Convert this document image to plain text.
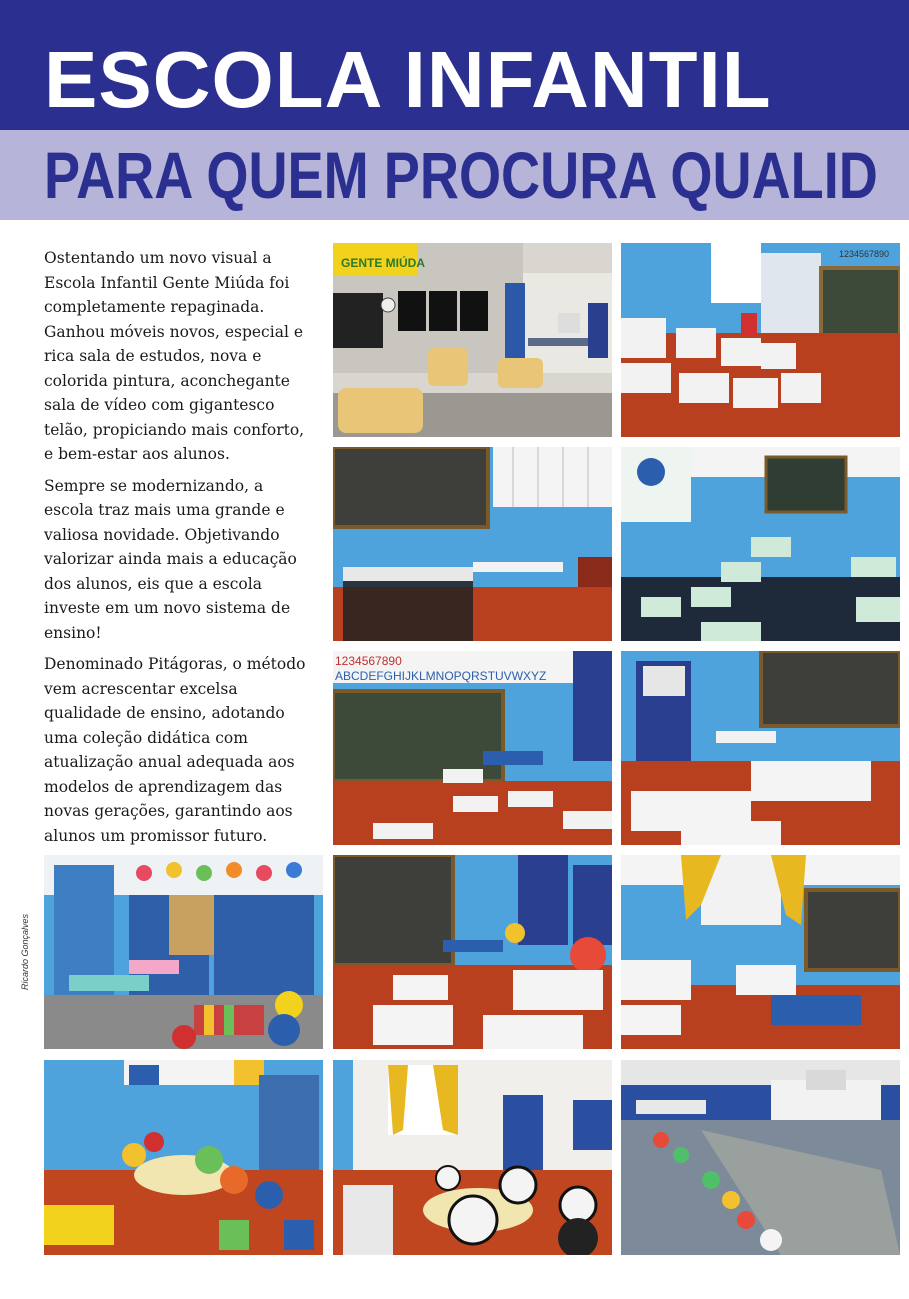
ESCOLA INFANTIL
PARA QUEM PROCURA QUALID

Ostentando um novo visual a Escola Infantil Gente Miúda foi completamente repaginada. Ganhou móveis novos, especial e rica sala de estudos, nova e colorida pintura, aconchegante sala de vídeo com gigantesco telão, propiciando mais conforto, e bem-estar aos alunos.

Sempre se modernizando, a escola traz mais uma grande e valiosa novidade. Objetivando valorizar ainda mais a educação dos alunos, eis que a escola investe em um novo sistema de ensino!

Denominado Pitágoras, o método vem acrescentar excelsa qualidade de ensino, adotando uma coleção didática com atualização anual adequada aos modelos de aprendizagem das novas gerações, garantindo aos alunos um promissor futuro.

Ricardo Gonçalves
GENTE MIÚDA
1234567890
1234567890
ABCDEFGHIJKLMNOPQRSTUVWXYZ
